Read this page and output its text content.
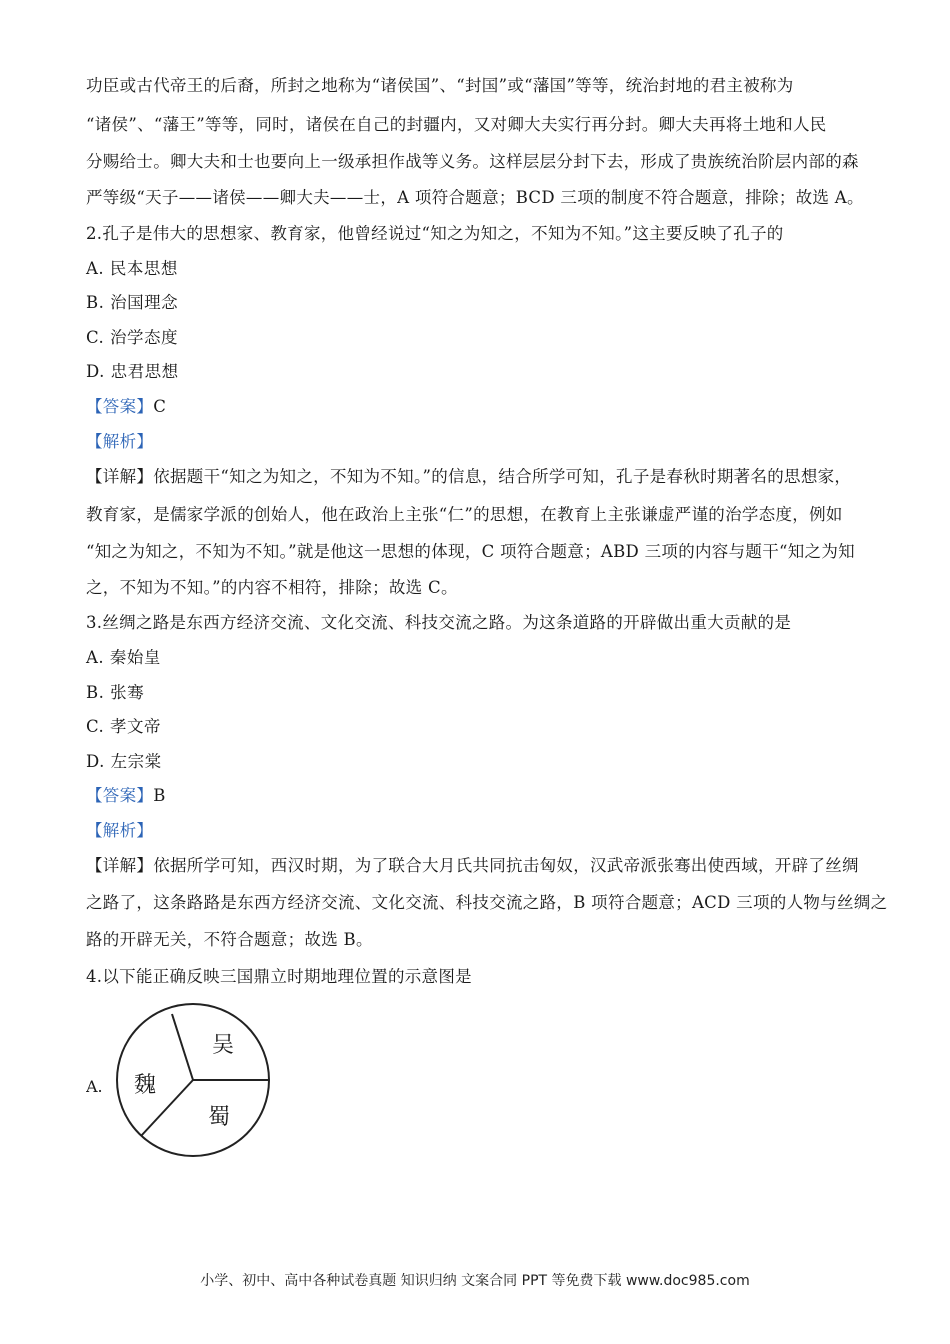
功臣或古代帝王的后裔，所封之地称为“诸侯国”、“封国”或“藩国”等等，统治封地的君主被称为
“诸侯”、“藩王”等等，同时，诸侯在自己的封疆内，又对卿大夫实行再分封。卿大夫再将土地和人民
分赐给士。卿大夫和士也要向上一级承担作战等义务。这样层层分封下去，形成了贵族统治阶层内部的森
严等级“天子——诸侯——卿大夫——士，A 项符合题意；BCD 三项的制度不符合题意，排除；故选 A。
2.孔子是伟大的思想家、教育家，他曾经说过“知之为知之，不知为不知。”这主要反映了孔子的
A. 民本思想
B. 治国理念
C. 治学态度
D. 忠君思想
【答案】C
【解析】
【详解】依据题干“知之为知之，不知为不知。”的信息，结合所学可知，孔子是春秋时期著名的思想家，
教育家，是儒家学派的创始人，他在政治上主张“仁”的思想，在教育上主张谦虚严谨的治学态度，例如
“知之为知之，不知为不知。”就是他这一思想的体现，C 项符合题意；ABD 三项的内容与题干“知之为知
之，不知为不知。”的内容不相符，排除；故选 C。
3.丝绸之路是东西方经济交流、文化交流、科技交流之路。为这条道路的开辟做出重大贡献的是
A. 秦始皇
B. 张骞
C. 孝文帝
D. 左宗棠
【答案】B
【解析】
【详解】依据所学可知，西汉时期，为了联合大月氏共同抗击匈奴，汉武帝派张骞出使西域，开辟了丝绸
之路了，这条路路是东西方经济交流、文化交流、科技交流之路，B 项符合题意；ACD 三项的人物与丝绸之
路的开辟无关，不符合题意；故选 B。
4.以下能正确反映三国鼎立时期地理位置的示意图是
A.
吴
魏
蜀
小学、初中、高中各种试卷真题 知识归纳 文案合同 PPT 等免费下载 www.doc985.com
